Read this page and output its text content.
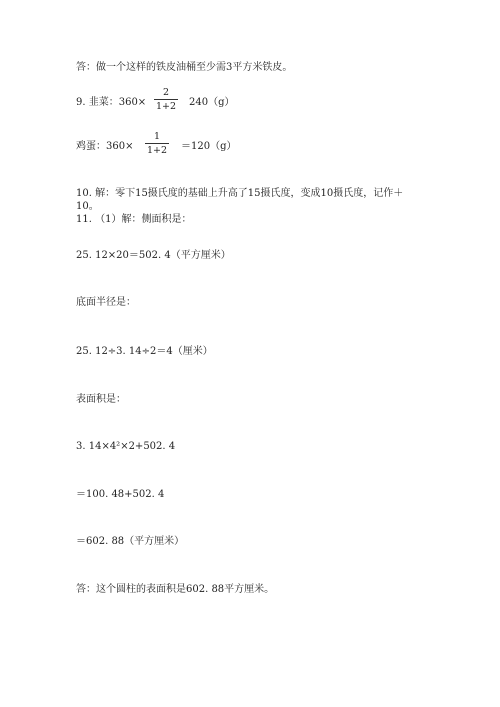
答：做一个这样的铁皮油桶至少需3平方米铁皮。
9. 韭菜：360×
2
1+2 240（g）
鸡蛋：360×
1
1+2 ＝120（g）
10. 解：零下15摄氏度的基础上升高了15摄氏度，变成10摄氏度，记作＋
10。
11. （1）解：侧面积是：
25. 12×20＝502. 4（平方厘米）
底面半径是：
25. 12÷3. 14÷2＝4（厘米）
表面积是：
3. 14×4²×2+502. 4
＝100. 48+502. 4
＝602. 88（平方厘米）
答：这个圆柱的表面积是602. 88平方厘米。
